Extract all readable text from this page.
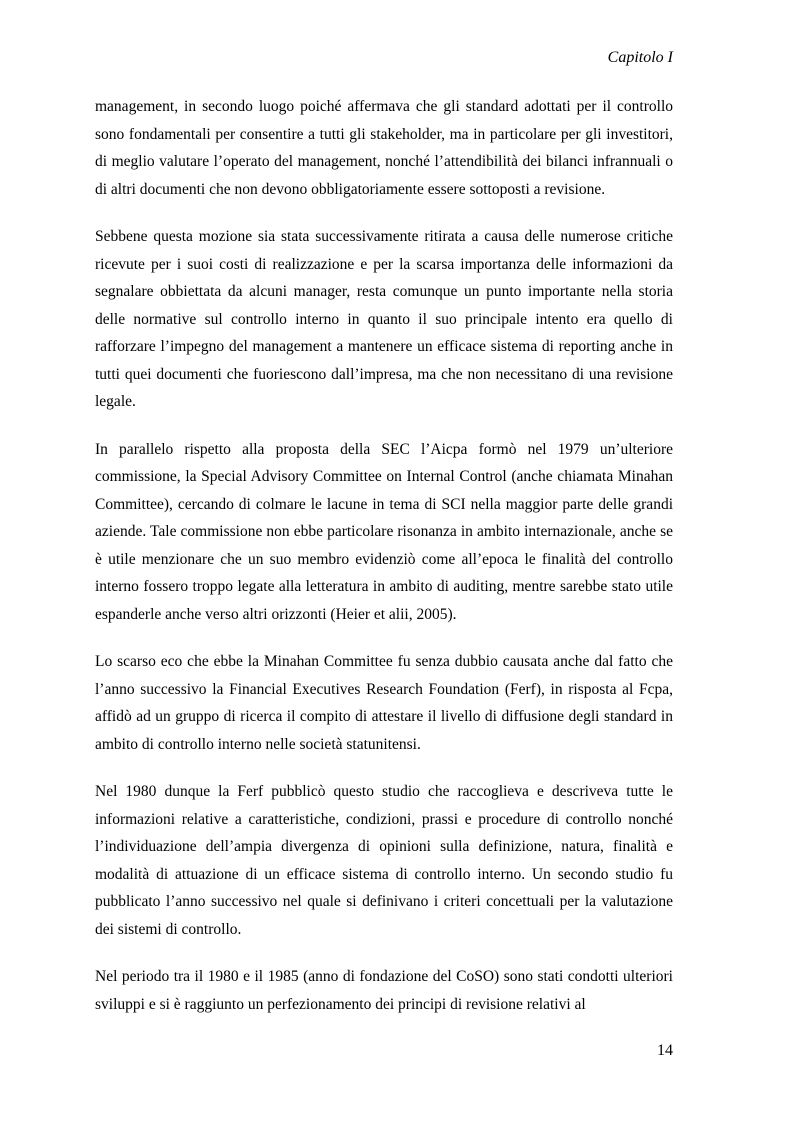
Capitolo I

management, in secondo luogo poiché affermava che gli standard adottati per il controllo sono fondamentali per consentire a tutti gli stakeholder, ma in particolare per gli investitori, di meglio valutare l’operato del management, nonché l’attendibilità dei bilanci infrannuali o di altri documenti che non devono obbligatoriamente essere sottoposti a revisione.

Sebbene questa mozione sia stata successivamente ritirata a causa delle numerose critiche ricevute per i suoi costi di realizzazione e per la scarsa importanza delle informazioni da segnalare obbiettata da alcuni manager, resta comunque un punto importante nella storia delle normative sul controllo interno in quanto il suo principale intento era quello di rafforzare l’impegno del management a mantenere un efficace sistema di reporting anche in tutti quei documenti che fuoriescono dall’impresa, ma che non necessitano di una revisione legale.

In parallelo rispetto alla proposta della SEC l’Aicpa formò nel 1979 un’ulteriore commissione, la Special Advisory Committee on Internal Control (anche chiamata Minahan Committee), cercando di colmare le lacune in tema di SCI nella maggior parte delle grandi aziende. Tale commissione non ebbe particolare risonanza in ambito internazionale, anche se è utile menzionare che un suo membro evidenziò come all’epoca le finalità del controllo interno fossero troppo legate alla letteratura in ambito di auditing, mentre sarebbe stato utile espanderle anche verso altri orizzonti (Heier et alii, 2005).

Lo scarso eco che ebbe la Minahan Committee fu senza dubbio causata anche dal fatto che l’anno successivo la Financial Executives Research Foundation (Ferf), in risposta al Fcpa, affidò ad un gruppo di ricerca il compito di attestare il livello di diffusione degli standard in ambito di controllo interno nelle società statunitensi.

Nel 1980 dunque la Ferf pubblicò questo studio che raccoglieva e descriveva tutte le informazioni relative a caratteristiche, condizioni, prassi e procedure di controllo nonché l’individuazione dell’ampia divergenza di opinioni sulla definizione, natura, finalità e modalità di attuazione di un efficace sistema di controllo interno. Un secondo studio fu pubblicato l’anno successivo nel quale si definivano i criteri concettuali per la valutazione dei sistemi di controllo.

Nel periodo tra il 1980 e il 1985 (anno di fondazione del CoSO) sono stati condotti ulteriori sviluppi e si è raggiunto un perfezionamento dei principi di revisione relativi al

14
